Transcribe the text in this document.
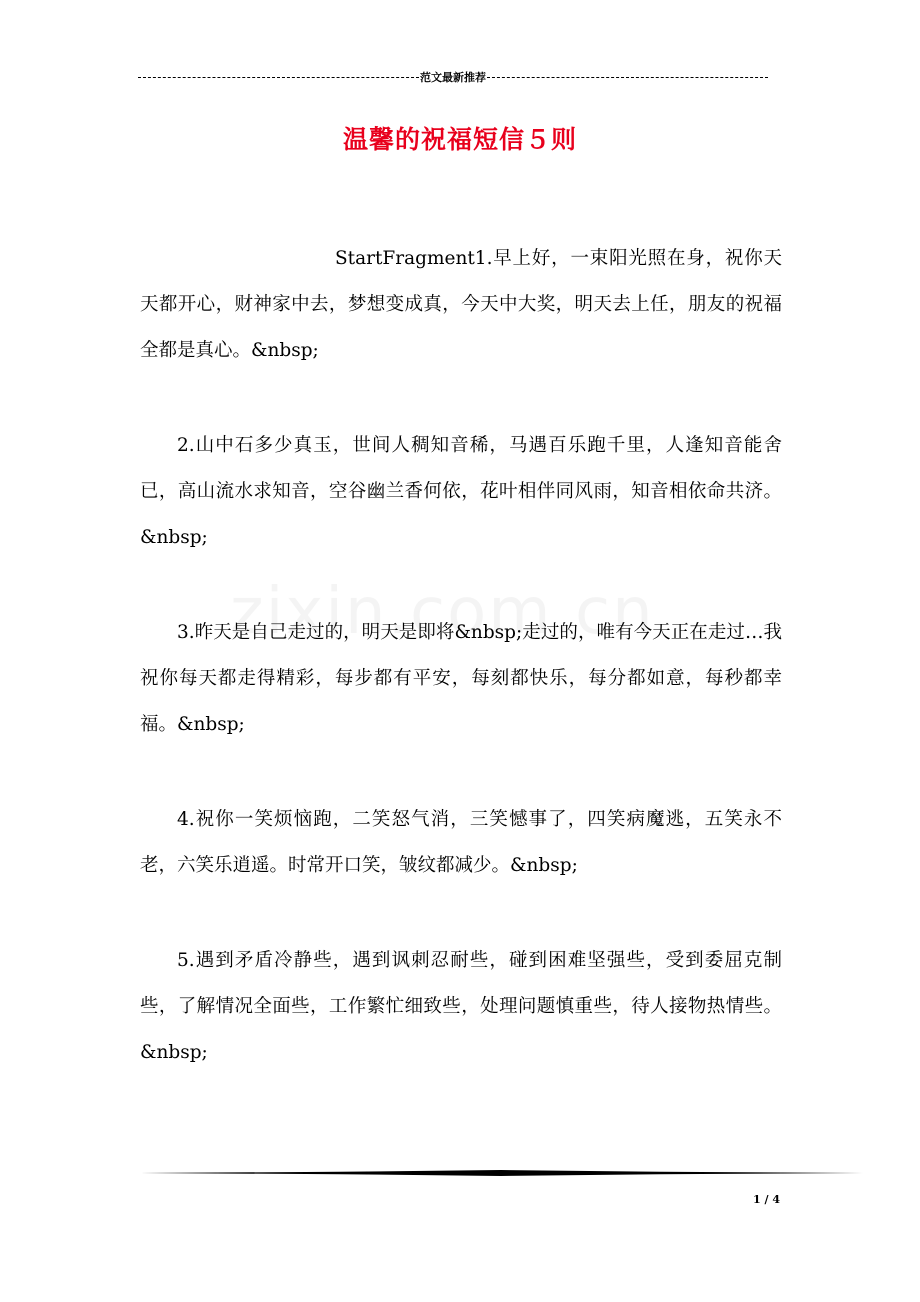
范文最新推荐
温馨的祝福短信５则

StartFragment1.早上好，一束阳光照在身，祝你天天都开心，财神家中去，梦想变成真，今天中大奖，明天去上任，朋友的祝福全都是真心。&nbsp;

2.山中石多少真玉，世间人稠知音稀，马遇百乐跑千里，人逢知音能舍已，高山流水求知音，空谷幽兰香何依，花叶相伴同风雨，知音相依命共济。&nbsp;

3.昨天是自己走过的，明天是即将&nbsp;走过的，唯有今天正在走过…我祝你每天都走得精彩，每步都有平安，每刻都快乐，每分都如意，每秒都幸福。&nbsp;

4.祝你一笑烦恼跑，二笑怒气消，三笑憾事了，四笑病魔逃，五笑永不老，六笑乐逍遥。时常开口笑，皱纹都减少。&nbsp;

5.遇到矛盾冷静些，遇到讽刺忍耐些，碰到困难坚强些，受到委屈克制些，了解情况全面些，工作繁忙细致些，处理问题慎重些，待人接物热情些。&nbsp;

1 / 4
